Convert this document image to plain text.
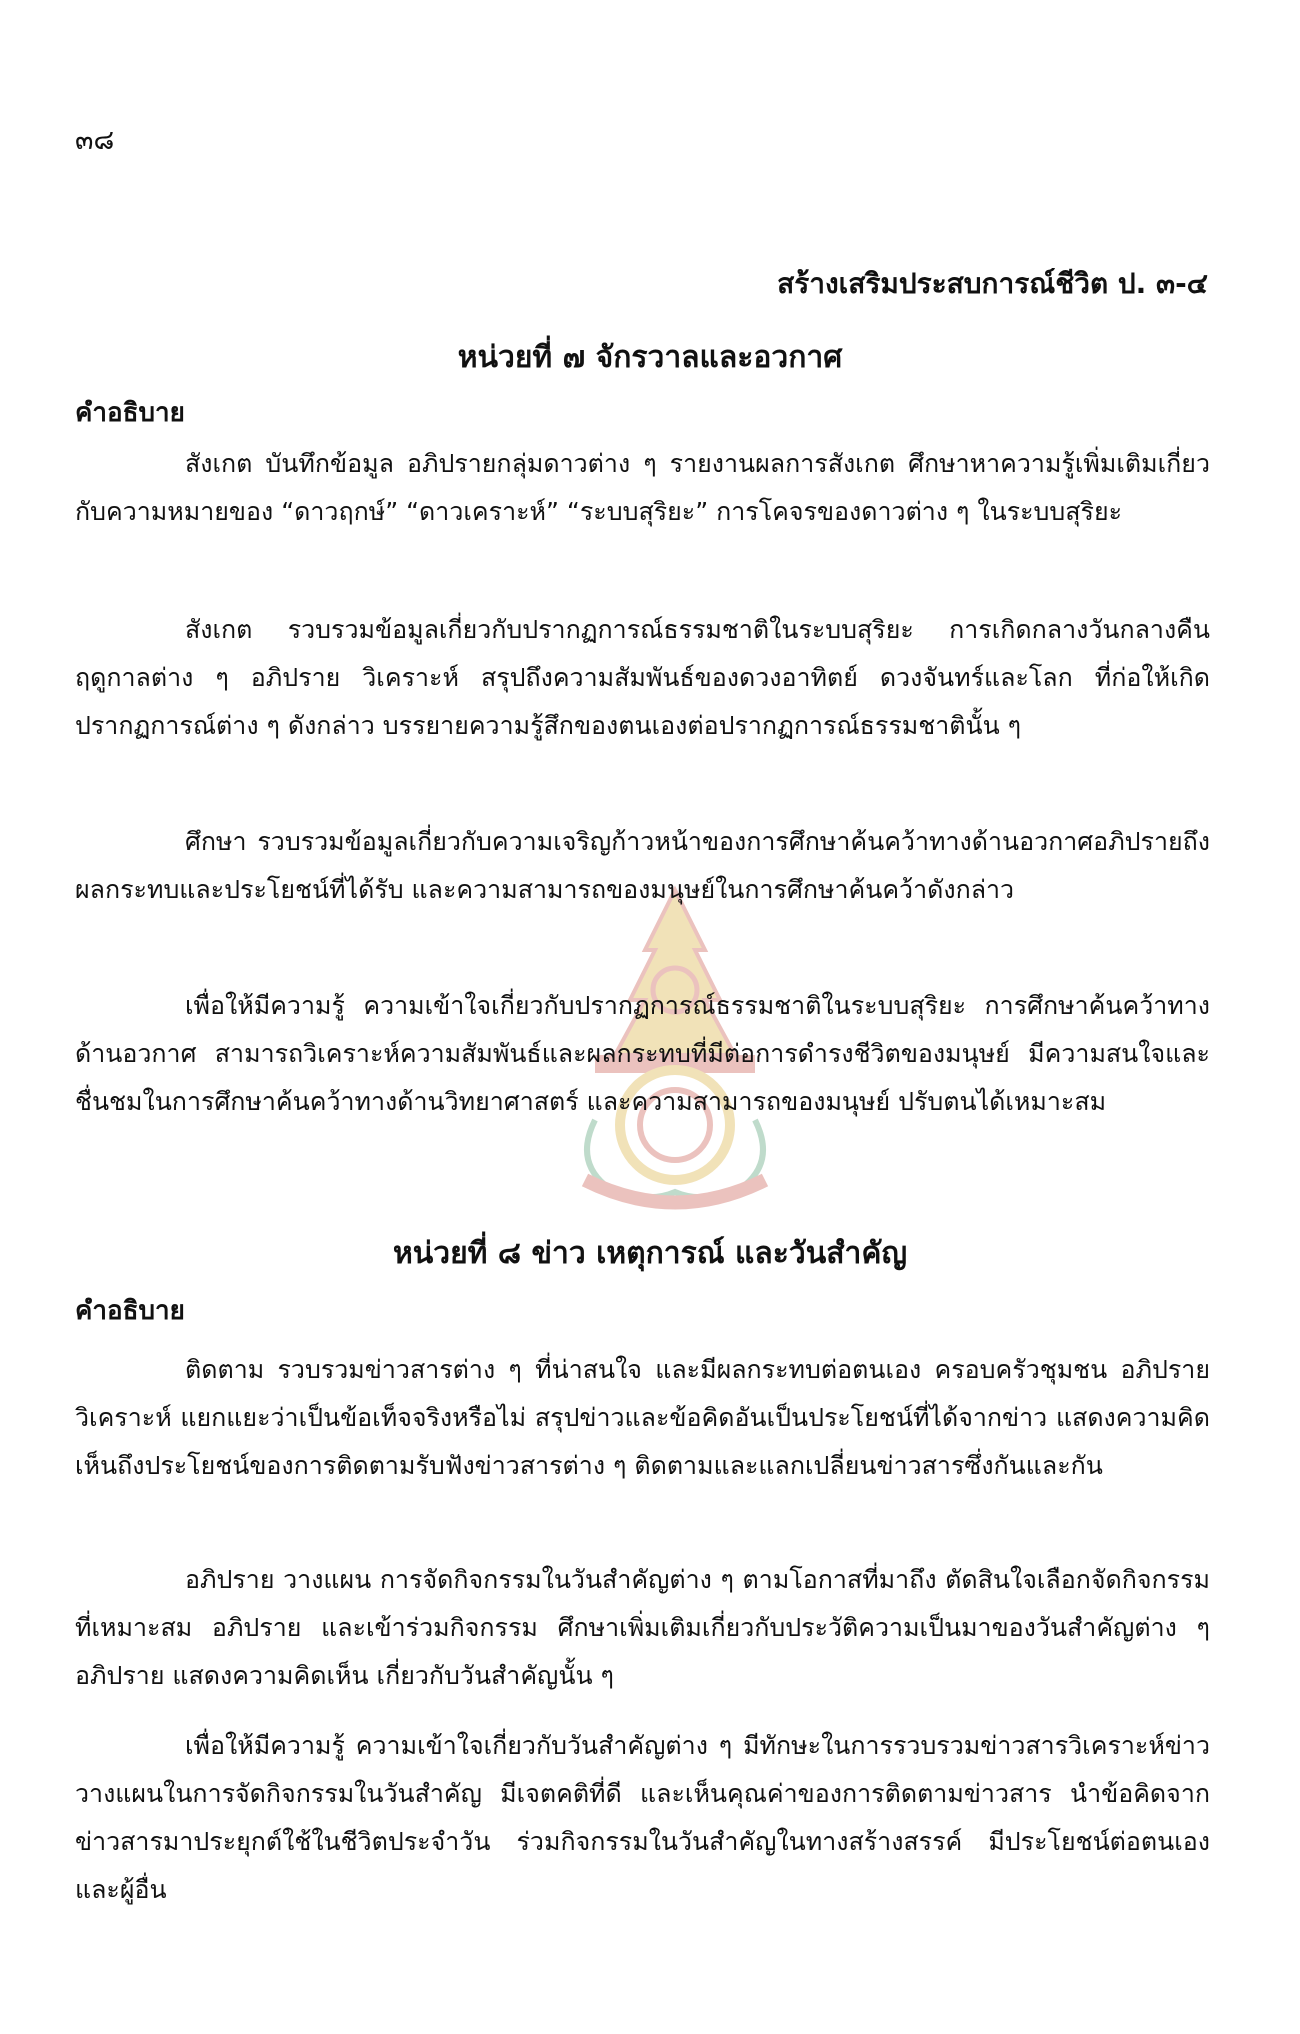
๓๘
สร้างเสริมประสบการณ์ชีวิต ป. ๓-๔
หน่วยที่ ๗ จักรวาลและอวกาศ
คำอธิบาย

สังเกต บันทึกข้อมูล อภิปรายกลุ่มดาวต่าง ๆ รายงานผลการสังเกต ศึกษาหาความรู้เพิ่มเติมเกี่ยวกับความหมายของ “ดาวฤกษ์” “ดาวเคราะห์” “ระบบสุริยะ” การโคจรของดาวต่าง ๆ ในระบบสุริยะ

สังเกต รวบรวมข้อมูลเกี่ยวกับปรากฏการณ์ธรรมชาติในระบบสุริยะ การเกิดกลางวันกลางคืน ฤดูกาลต่าง ๆ อภิปราย วิเคราะห์ สรุปถึงความสัมพันธ์ของดวงอาทิตย์ ดวงจันทร์และโลก ที่ก่อให้เกิดปรากฏการณ์ต่าง ๆ ดังกล่าว บรรยายความรู้สึกของตนเองต่อปรากฏการณ์ธรรมชาตินั้น ๆ

ศึกษา รวบรวมข้อมูลเกี่ยวกับความเจริญก้าวหน้าของการศึกษาค้นคว้าทางด้านอวกาศอภิปรายถึงผลกระทบและประโยชน์ที่ได้รับ และความสามารถของมนุษย์ในการศึกษาค้นคว้าดังกล่าว

เพื่อให้มีความรู้ ความเข้าใจเกี่ยวกับปรากฏการณ์ธรรมชาติในระบบสุริยะ การศึกษาค้นคว้าทางด้านอวกาศ สามารถวิเคราะห์ความสัมพันธ์และผลกระทบที่มีต่อการดำรงชีวิตของมนุษย์ มีความสนใจและชื่นชมในการศึกษาค้นคว้าทางด้านวิทยาศาสตร์ และความสามารถของมนุษย์ ปรับตนได้เหมาะสม

หน่วยที่ ๘ ข่าว เหตุการณ์ และวันสำคัญ
คำอธิบาย

ติดตาม รวบรวมข่าวสารต่าง ๆ ที่น่าสนใจ และมีผลกระทบต่อตนเอง ครอบครัวชุมชน อภิปราย วิเคราะห์ แยกแยะว่าเป็นข้อเท็จจริงหรือไม่ สรุปข่าวและข้อคิดอันเป็นประโยชน์ที่ได้จากข่าว แสดงความคิดเห็นถึงประโยชน์ของการติดตามรับฟังข่าวสารต่าง ๆ ติดตามและแลกเปลี่ยนข่าวสารซึ่งกันและกัน

อภิปราย วางแผน การจัดกิจกรรมในวันสำคัญต่าง ๆ ตามโอกาสที่มาถึง ตัดสินใจเลือกจัดกิจกรรมที่เหมาะสม อภิปราย และเข้าร่วมกิจกรรม ศึกษาเพิ่มเติมเกี่ยวกับประวัติความเป็นมาของวันสำคัญต่าง ๆ อภิปราย แสดงความคิดเห็น เกี่ยวกับวันสำคัญนั้น ๆ

เพื่อให้มีความรู้ ความเข้าใจเกี่ยวกับวันสำคัญต่าง ๆ มีทักษะในการรวบรวมข่าวสารวิเคราะห์ข่าว วางแผนในการจัดกิจกรรมในวันสำคัญ มีเจตคติที่ดี และเห็นคุณค่าของการติดตามข่าวสาร นำข้อคิดจากข่าวสารมาประยุกต์ใช้ในชีวิตประจำวัน ร่วมกิจกรรมในวันสำคัญในทางสร้างสรรค์ มีประโยชน์ต่อตนเองและผู้อื่น
